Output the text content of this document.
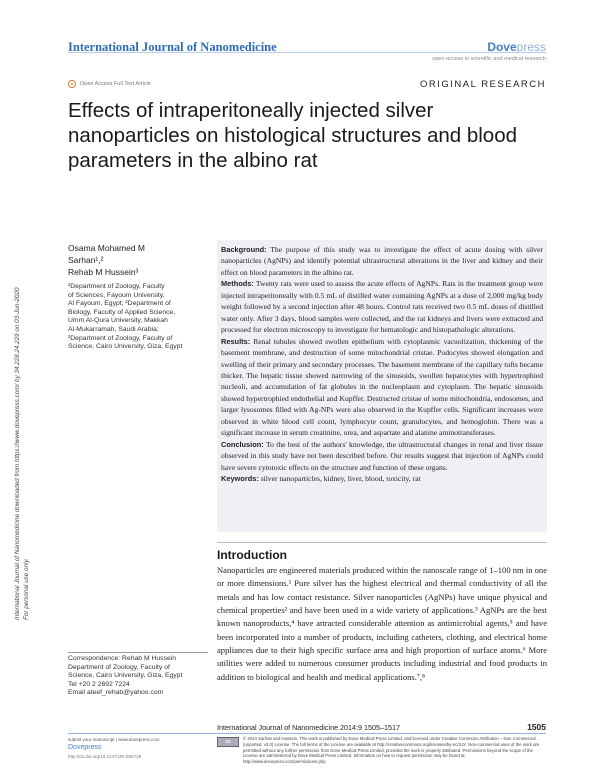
International Journal of Nanomedicine	Dovepress
open access to scientific and medical research
Open Access Full Text Article	ORIGINAL RESEARCH
Effects of intraperitoneally injected silver nanoparticles on histological structures and blood parameters in the albino rat
International Journal of Nanomedicine downloaded from https://www.dovepress.com/ by 34.228.24.229 on 03-Jun-2020 For personal use only.

Osama Mohamed M

Sarhan¹,²

Rehab M Hussein³

¹Department of Zoology, Faculty

of Sciences, Fayoum University,

Al Fayoum, Egypt; ²Department of

Biology, Faculty of Applied Science,

Umm Al-Qura University, Makkah

Al-Mukarramah, Saudi Arabia;

³Department of Zoology, Faculty of

Science, Cairo University, Giza, Egypt

Background: The purpose of this study was to investigate the effect of acute dosing with silver nanoparticles (AgNPs) and identify potential ultrastructural alterations in the liver and kidney and their effect on blood parameters in the albino rat.

Methods: Twenty rats were used to assess the acute effects of AgNPs. Rats in the treatment group were injected intraperitoneally with 0.5 mL of distilled water containing AgNPs at a dose of 2,000 mg/kg body weight followed by a second injection after 48 hours. Control rats received two 0.5 mL doses of distilled water only. After 3 days, blood samples were collected, and the rat kidneys and livers were extracted and processed for electron microscopy to investigate for hematologic and histopathologic alterations.

Results: Renal tubules showed swollen epithelium with cytoplasmic vacuolization, thickening of the basement membrane, and destruction of some mitochondrial cristae. Podocytes showed elongation and swelling of their primary and secondary processes. The basement membrane of the capillary tufts became thicker. The hepatic tissue showed narrowing of the sinusoids, swollen hepatocytes with hypertrophied nucleoli, and accumulation of fat globules in the nucleoplasm and cytoplasm. The hepatic sinusoids showed hypertrophied endothelial and Kupffer. Destructed cristae of some mitochondria, endosomes, and larger lysosomes filled with Ag-NPs were also observed in the Kupffer cells. Significant increases were observed in white blood cell count, lymphocyte count, granulocytes, and hemoglobin. There was a significant increase in serum creatinine, urea, and aspartate and alanine aminotransferases.

Conclusion: To the best of the authors' knowledge, the ultrastructural changes in renal and liver tissue observed in this study have not been described before. Our results suggest that injection of AgNPs could have severe cytotoxic effects on the structure and function of these organs.

Keywords: silver nanoparticles, kidney, liver, blood, toxicity, rat

Introduction

Nanoparticles are engineered materials produced within the nanoscale range of 1–100 nm in one or more dimensions.¹ Pure silver has the highest electrical and thermal conductivity of all the metals and has low contact resistance. Silver nanoparticles (AgNPs) have unique physical and chemical properties² and have been used in a wide variety of applications.³ AgNPs are the best known nanoproducts,⁴ have attracted considerable attention as antimicrobial agents,⁵ and have been incorporated into a number of products, including catheters, clothing, and electrical home appliances due to their high specific surface area and high proportion of surface atoms.⁶ More utilities were added to numerous consumer products including industrial and food products in addition to biological and health and medical applications.⁷,⁸

Correspondence: Rehab M Hussein

Department of Zoology, Faculty of

Science, Cairo University, Giza, Egypt

Tel +20 2 2692 7224

Email ateef_rehab@yahoo.com

International Journal of Nanomedicine 2014:9 1505–1517	1505
submit your manuscript | www.dovepress.com
Dovepress
http://dx.doi.org/10.2147/IJN.S56729
cc
© 2014 Sarhan and Hussein. This work is published by Dove Medical Press Limited, and licensed under Creative Commons Attribution – Non Commercial (unported, v3.0) License. The full terms of the License are available at http://creativecommons.org/licenses/by-nc/3.0/. Non-commercial uses of the work are permitted without any further permission from Dove Medical Press Limited, provided the work is properly attributed. Permissions beyond the scope of the License are administered by Dove Medical Press Limited. Information on how to request permission may be found at: http://www.dovepress.com/permissions.php
